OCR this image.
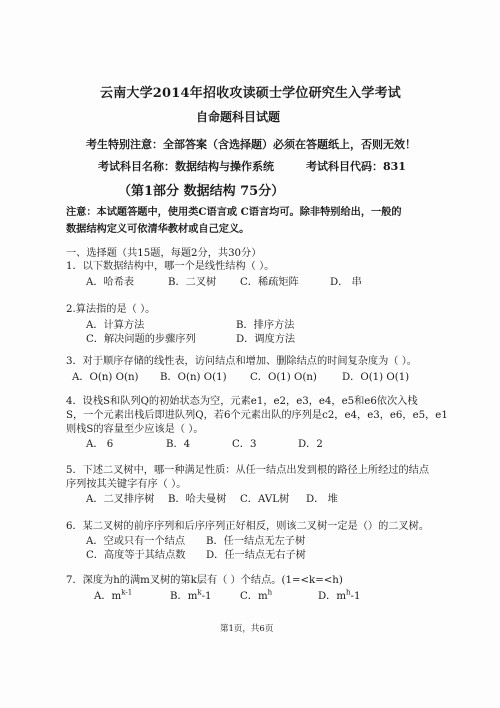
云南大学2014年招收攻读硕士学位研究生入学考试
自命题科目试题
考生特别注意：全部答案（含选择题）必须在答题纸上，否则无效！
考试科目名称：数据结构与操作系统	考试科目代码：831
（第1部分 数据结构 75分）
注意：本试题答题中，使用类C语言或 C语言均可。除非特别给出，一般的
数据结构定义可依清华教材或自己定义。
一、选择题（共15题，每题2分，共30分）
1．以下数据结构中，哪一个是线性结构（ ）。
A．哈希表	B．二叉树 C．稀疏矩阵	D． 串
2.算法指的是（ ）。
A．计算方法	B．排序方法
C．解决问题的步骤序列	D．调度方法
3．对于顺序存储的线性表，访问结点和增加、删除结点的时间复杂度为（ ）。
A．O(n) O(n) B．O(n) O(1) C．O(1) O(n) D．O(1) O(1)
4．设栈S和队列Q的初始状态为空，元素e1，e2，e3，e4，e5和e6依次入栈
S，一个元素出栈后即进队列Q，若6个元素出队的序列是c2，e4，e3，e6，e5，e1
则栈S的容量至少应该是（ ）。
A． 6	B．4	C．3	D．2
5．下述二叉树中，哪一种满足性质：从任一结点出发到根的路径上所经过的结点
序列按其关键字有序（ ）。
A．二叉排序树 B．哈夫曼树 C．AVL树 D． 堆
6．某二叉树的前序序列和后序序列正好相反，则该二叉树一定是（）的二叉树。
A．空或只有一个结点 B．任一结点无左子树
C．高度等于其结点数 D．任一结点无右子树
7．深度为h的满m叉树的第k层有（ ）个结点。(1=<k=<h)
A．$m^{k-1}$	B．$m^k-1$	C．$m^h$	D．$m^h-1$
第1页，共6页
